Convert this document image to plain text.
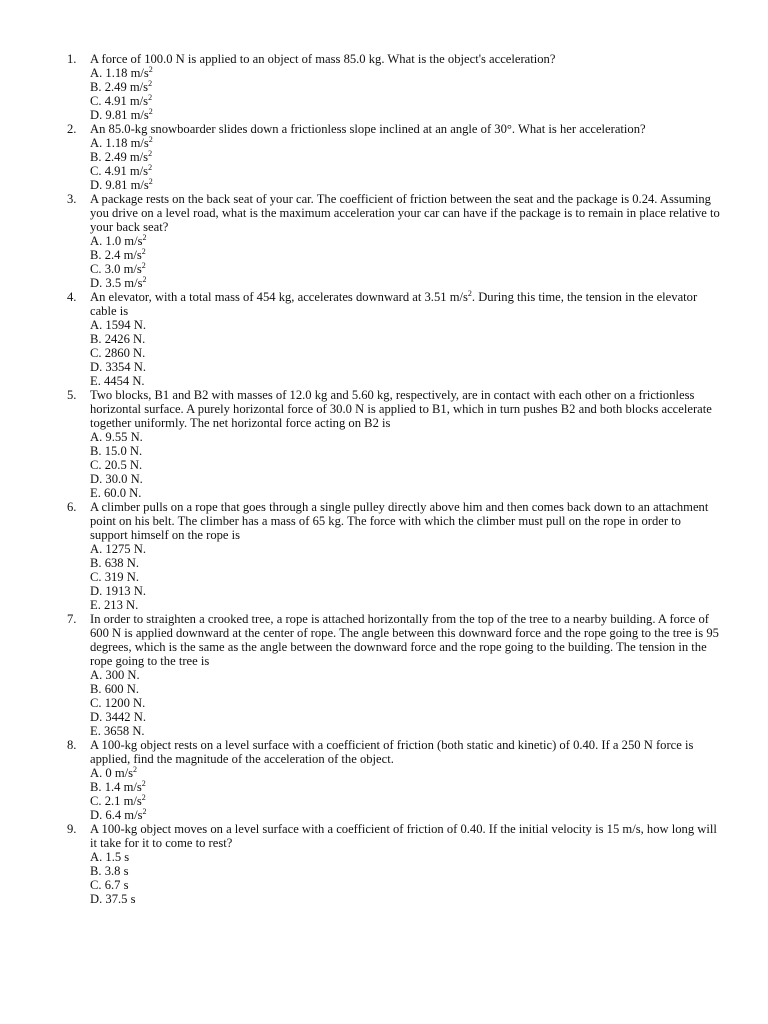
1.	A force of 100.0 N is applied to an object of mass 85.0 kg. What is the object's acceleration?

A. 1.18 $m/s^2$
B. 2.49 $m/s^2$
C. 4.91 $m/s^2$
D. 9.81 $m/s^2$
2.	An 85.0-kg snowboarder slides down a frictionless slope inclined at an angle of 30°. What is her acceleration?

A. 1.18 $m/s^2$
B. 2.49 $m/s^2$
C. 4.91 $m/s^2$
D. 9.81 $m/s^2$
3.	A package rests on the back seat of your car. The coefficient of friction between the seat and the package is 0.24. Assuming you drive on a level road, what is the maximum acceleration your car can have if the package is to remain in place relative to your back seat?

A. 1.0 $m/s^2$
B. 2.4 $m/s^2$
C. 3.0 $m/s^2$
D. 3.5 $m/s^2$
4.	An elevator, with a total mass of 454 kg, accelerates downward at 3.51 $m/s^2$. During this time, the tension in the elevator cable is

A. 1594 N.
B. 2426 N.
C. 2860 N.
D. 3354 N.
E. 4454 N.
5.	Two blocks, B1 and B2 with masses of 12.0 kg and 5.60 kg, respectively, are in contact with each other on a frictionless horizontal surface. A purely horizontal force of 30.0 N is applied to B1, which in turn pushes B2 and both blocks accelerate together uniformly. The net horizontal force acting on B2 is

A. 9.55 N.
B. 15.0 N.
C. 20.5 N.
D. 30.0 N.
E. 60.0 N.
6.	A climber pulls on a rope that goes through a single pulley directly above him and then comes back down to an attachment point on his belt. The climber has a mass of 65 kg. The force with which the climber must pull on the rope in order to support himself on the rope is

A. 1275 N.
B. 638 N.
C. 319 N.
D. 1913 N.
E. 213 N.
7.	In order to straighten a crooked tree, a rope is attached horizontally from the top of the tree to a nearby building. A force of 600 N is applied downward at the center of rope. The angle between this downward force and the rope going to the tree is 95 degrees, which is the same as the angle between the downward force and the rope going to the building. The tension in the rope going to the tree is

A. 300 N.
B. 600 N.
C. 1200 N.
D. 3442 N.
E. 3658 N.
8.	A 100-kg object rests on a level surface with a coefficient of friction (both static and kinetic) of 0.40. If a 250 N force is applied, find the magnitude of the acceleration of the object.

A. 0 $m/s^2$
B. 1.4 $m/s^2$
C. 2.1 $m/s^2$
D. 6.4 $m/s^2$
9.	A 100-kg object moves on a level surface with a coefficient of friction of 0.40. If the initial velocity is 15 m/s, how long will it take for it to come to rest?

A. 1.5 s
B. 3.8 s
C. 6.7 s
D. 37.5 s
